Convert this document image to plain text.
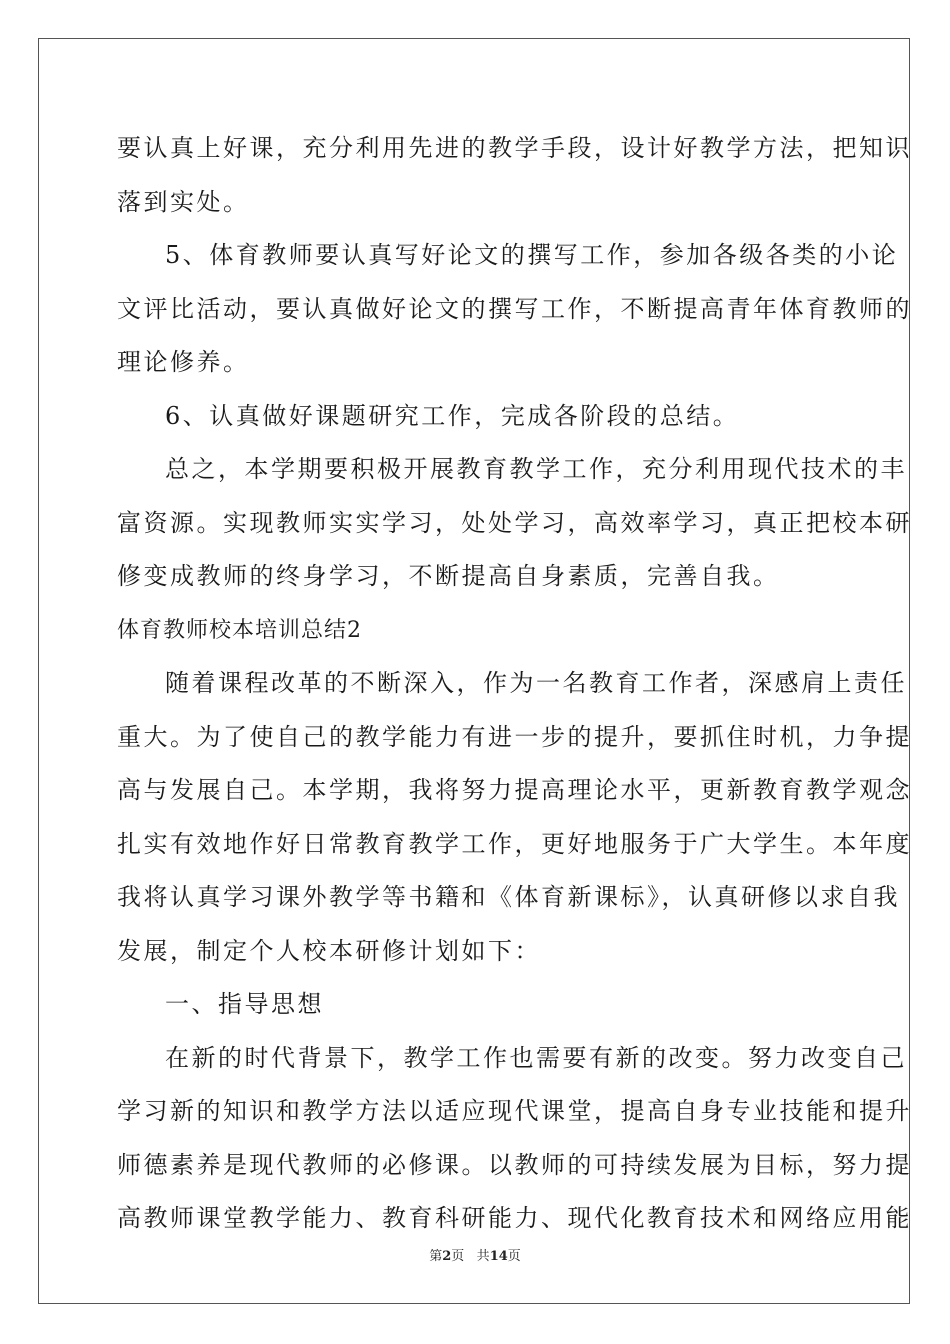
要认真上好课，充分利用先进的教学手段，设计好教学方法，把知识
落到实处。
5、体育教师要认真写好论文的撰写工作，参加各级各类的小论
文评比活动，要认真做好论文的撰写工作，不断提高青年体育教师的
理论修养。
6、认真做好课题研究工作，完成各阶段的总结。
总之，本学期要积极开展教育教学工作，充分利用现代技术的丰
富资源。实现教师实实学习，处处学习，高效率学习，真正把校本研
修变成教师的终身学习，不断提高自身素质，完善自我。
体育教师校本培训总结2
随着课程改革的不断深入，作为一名教育工作者，深感肩上责任
重大。为了使自己的教学能力有进一步的提升，要抓住时机，力争提
高与发展自己。本学期，我将努力提高理论水平，更新教育教学观念
扎实有效地作好日常教育教学工作，更好地服务于广大学生。本年度
我将认真学习课外教学等书籍和《体育新课标》，认真研修以求自我
发展，制定个人校本研修计划如下：
一、指导思想
在新的时代背景下，教学工作也需要有新的改变。努力改变自己
学习新的知识和教学方法以适应现代课堂，提高自身专业技能和提升
师德素养是现代教师的必修课。以教师的可持续发展为目标，努力提
高教师课堂教学能力、教育科研能力、现代化教育技术和网络应用能
第2页 共14页
